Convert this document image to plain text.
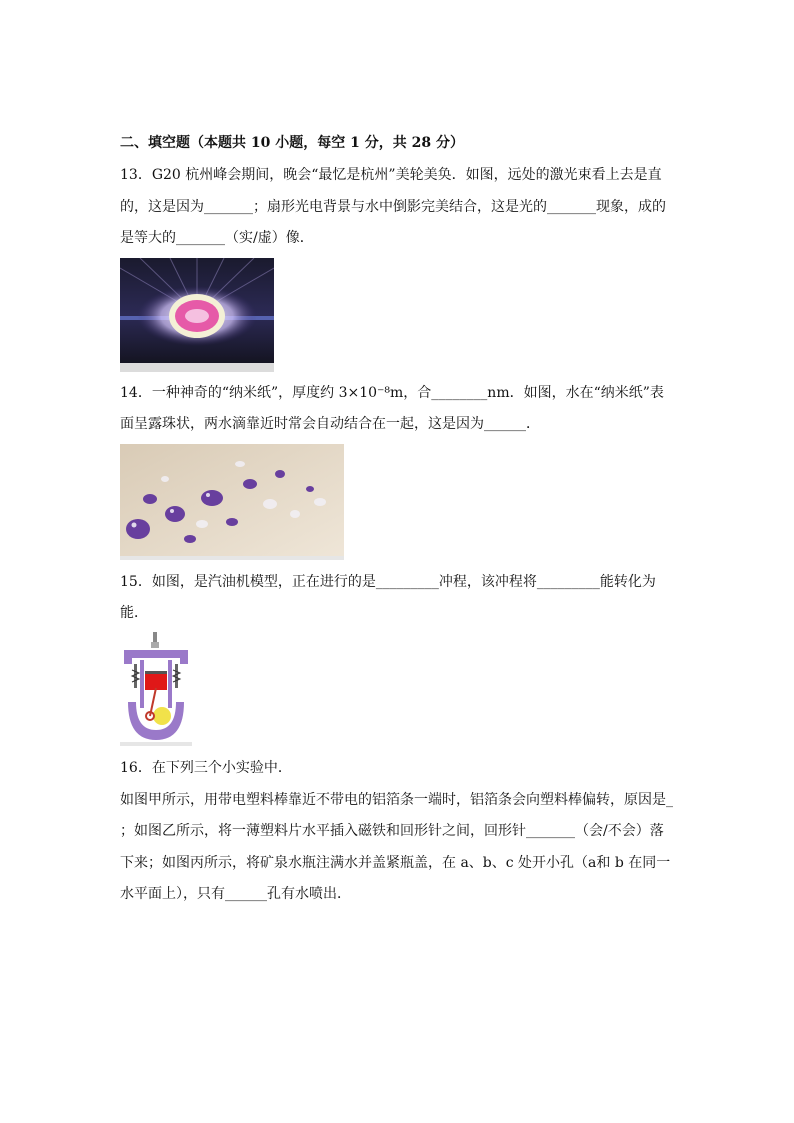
二、填空题（本题共 10 小题，每空 1 分，共 28 分）
13．G20 杭州峰会期间，晚会“最忆是杭州”美轮美奂．如图，远处的激光束看上去是直
的，这是因为_______；扇形光电背景与水中倒影完美结合，这是光的_______现象，成的
是等大的_______（实/虚）像．
14．一种神奇的“纳米纸”，厚度约 3×10⁻⁸m，合________nm．如图，水在“纳米纸”表
面呈露珠状，两水滴靠近时常会自动结合在一起，这是因为______．
15．如图，是汽油机模型，正在进行的是_________冲程，该冲程将_________能转化为
能．
16．在下列三个小实验中．
如图甲所示，用带电塑料棒靠近不带电的铝箔条一端时，铝箔条会向塑料棒偏转，原因是_
；如图乙所示，将一薄塑料片水平插入磁铁和回形针之间，回形针_______（会/不会）落
下来；如图丙所示，将矿泉水瓶注满水并盖紧瓶盖，在 a、b、c 处开小孔（a和 b 在同一
水平面上），只有______孔有水喷出．
